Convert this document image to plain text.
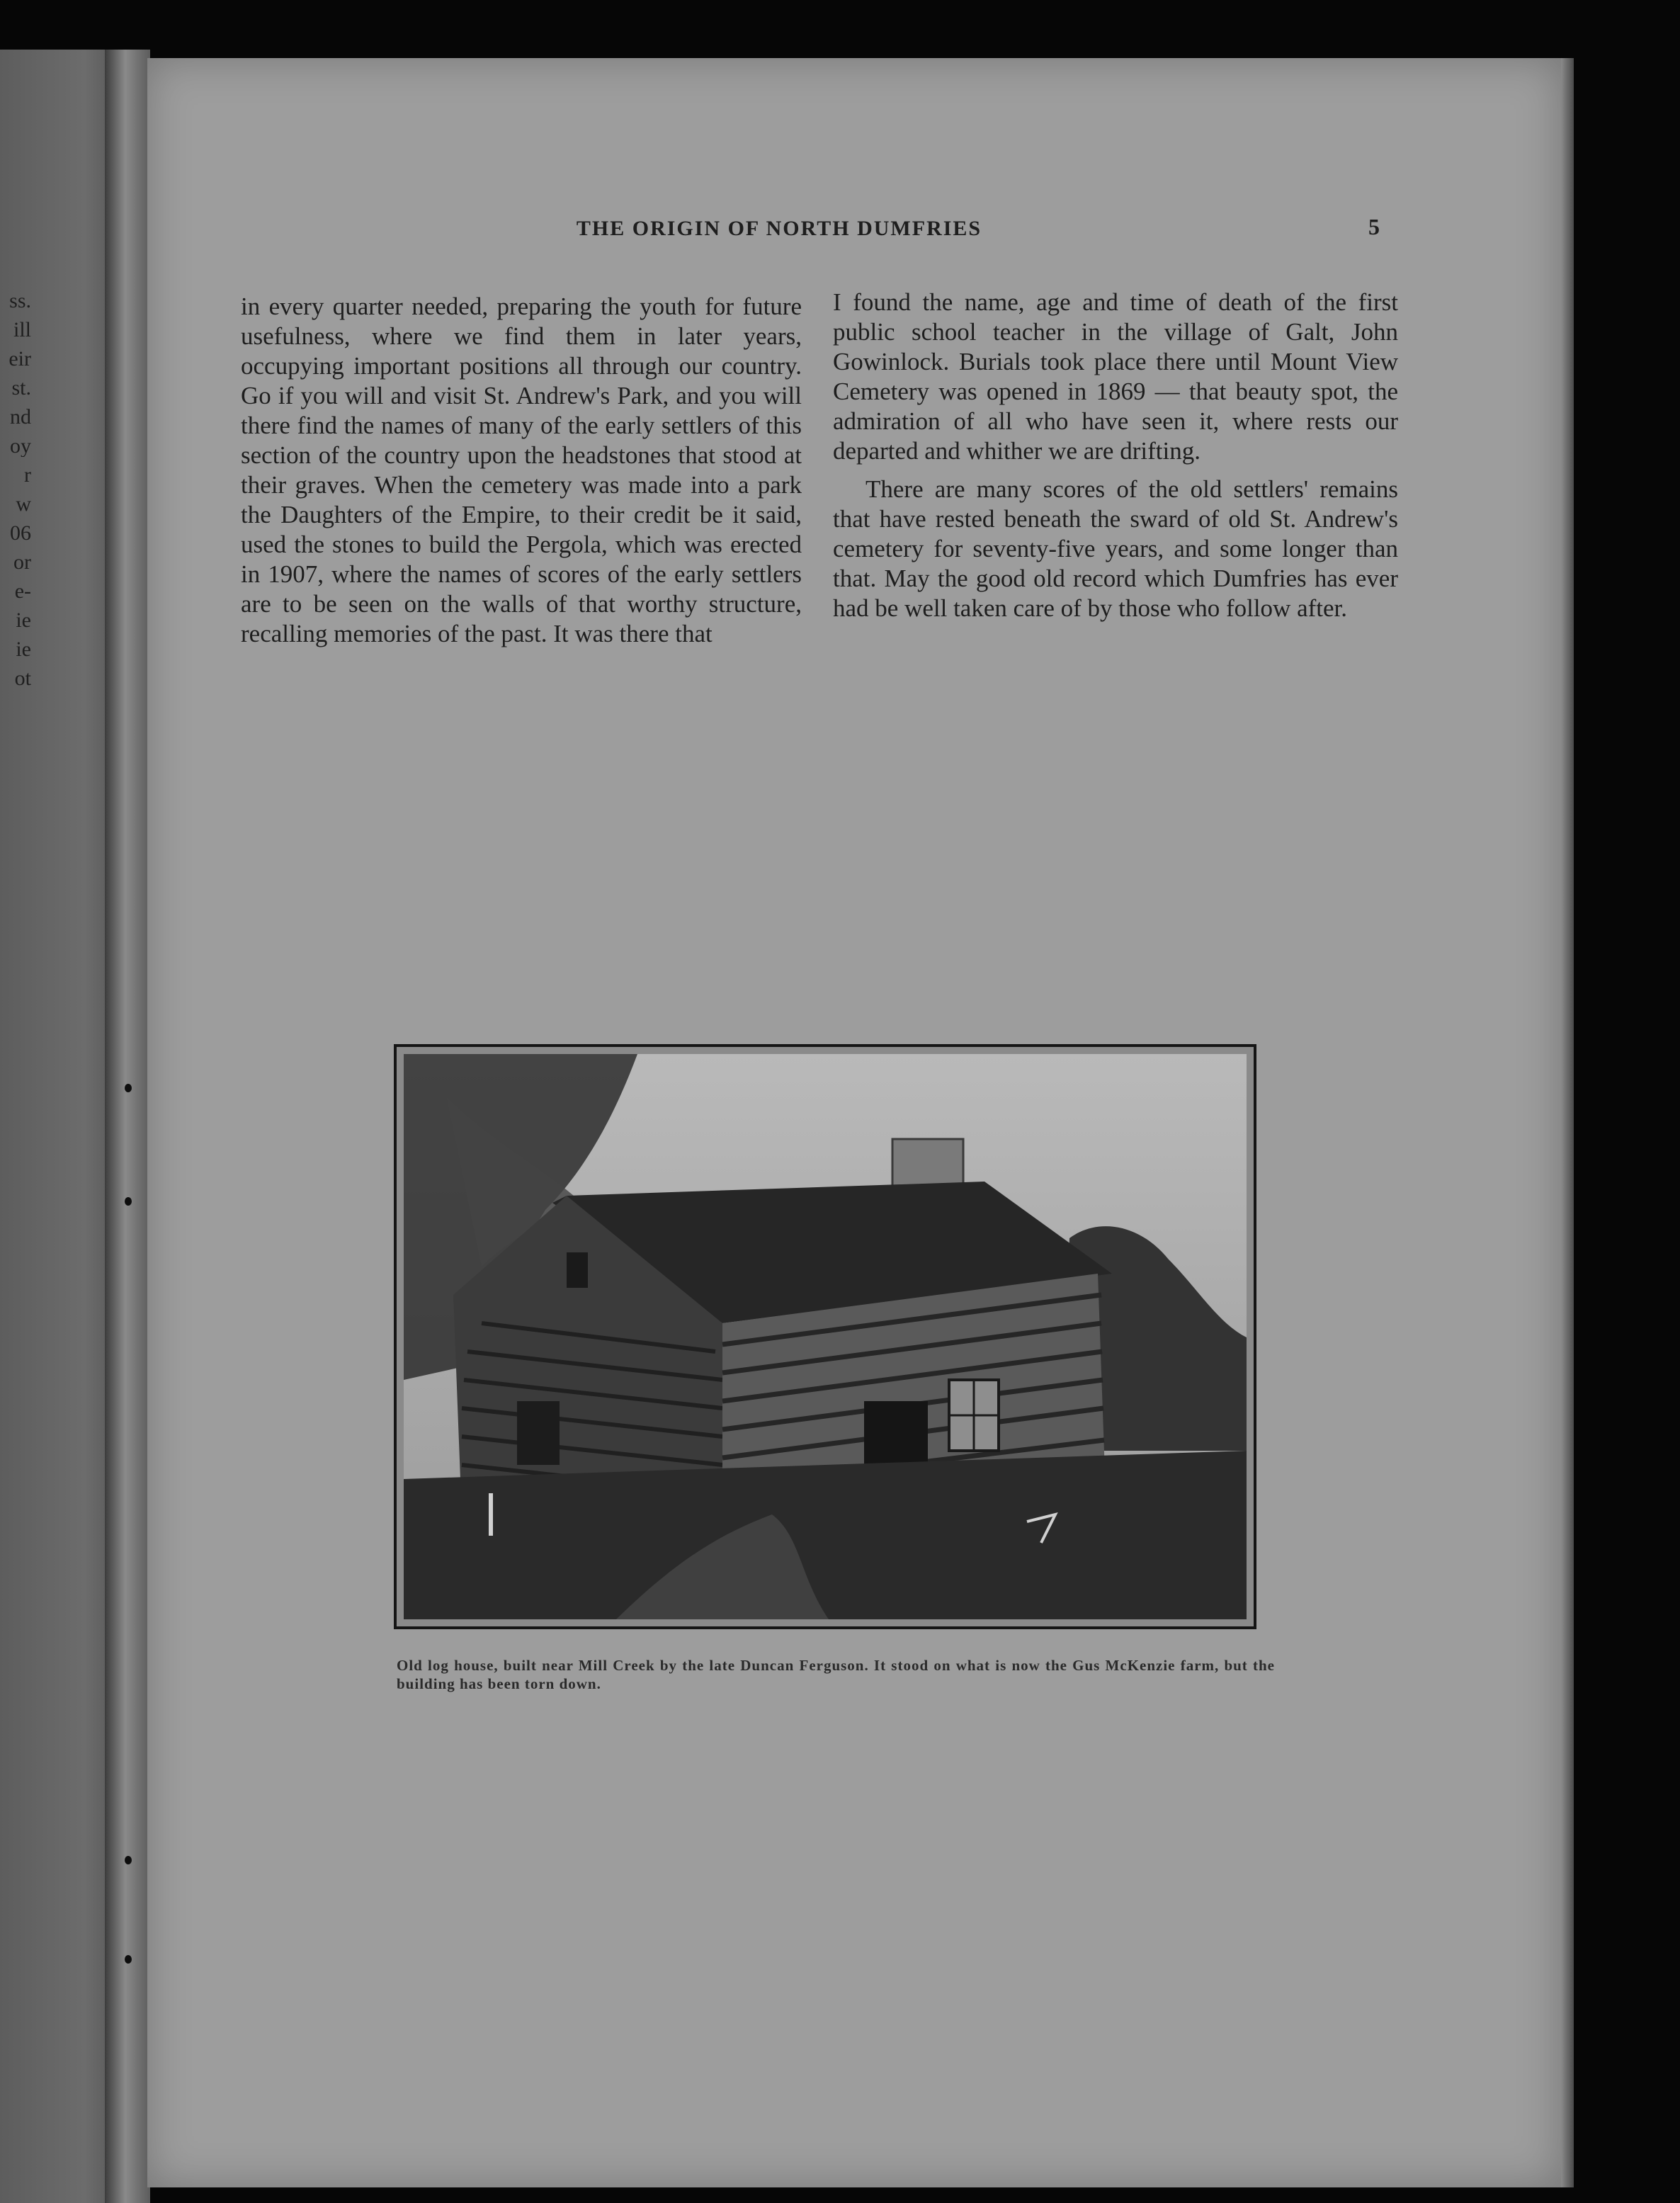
ss.
ill
eir
st.
nd
oy
r
w
06
or
e-
ie
ie
ot
THE ORIGIN OF NORTH DUMFRIES	5

in every quarter needed, preparing the youth for future usefulness, where we find them in later years, occupying important positions all through our country. Go if you will and visit St. Andrew's Park, and you will there find the names of many of the early settlers of this section of the country upon the headstones that stood at their graves. When the cemetery was made into a park the Daughters of the Empire, to their credit be it said, used the stones to build the Pergola, which was erected in 1907, where the names of scores of the early settlers are to be seen on the walls of that worthy structure, recalling memories of the past. It was there that

I found the name, age and time of death of the first public school teacher in the village of Galt, John Gowinlock. Burials took place there until Mount View Cemetery was opened in 1869 — that beauty spot, the admiration of all who have seen it, where rests our departed and whither we are drifting.

There are many scores of the old settlers' remains that have rested beneath the sward of old St. Andrew's cemetery for seventy-five years, and some longer than that. May the good old record which Dumfries has ever had be well taken care of by those who follow after.

Old log house, built near Mill Creek by the late Duncan Ferguson. It stood on what is now the Gus McKenzie farm, but the building has been torn down.
